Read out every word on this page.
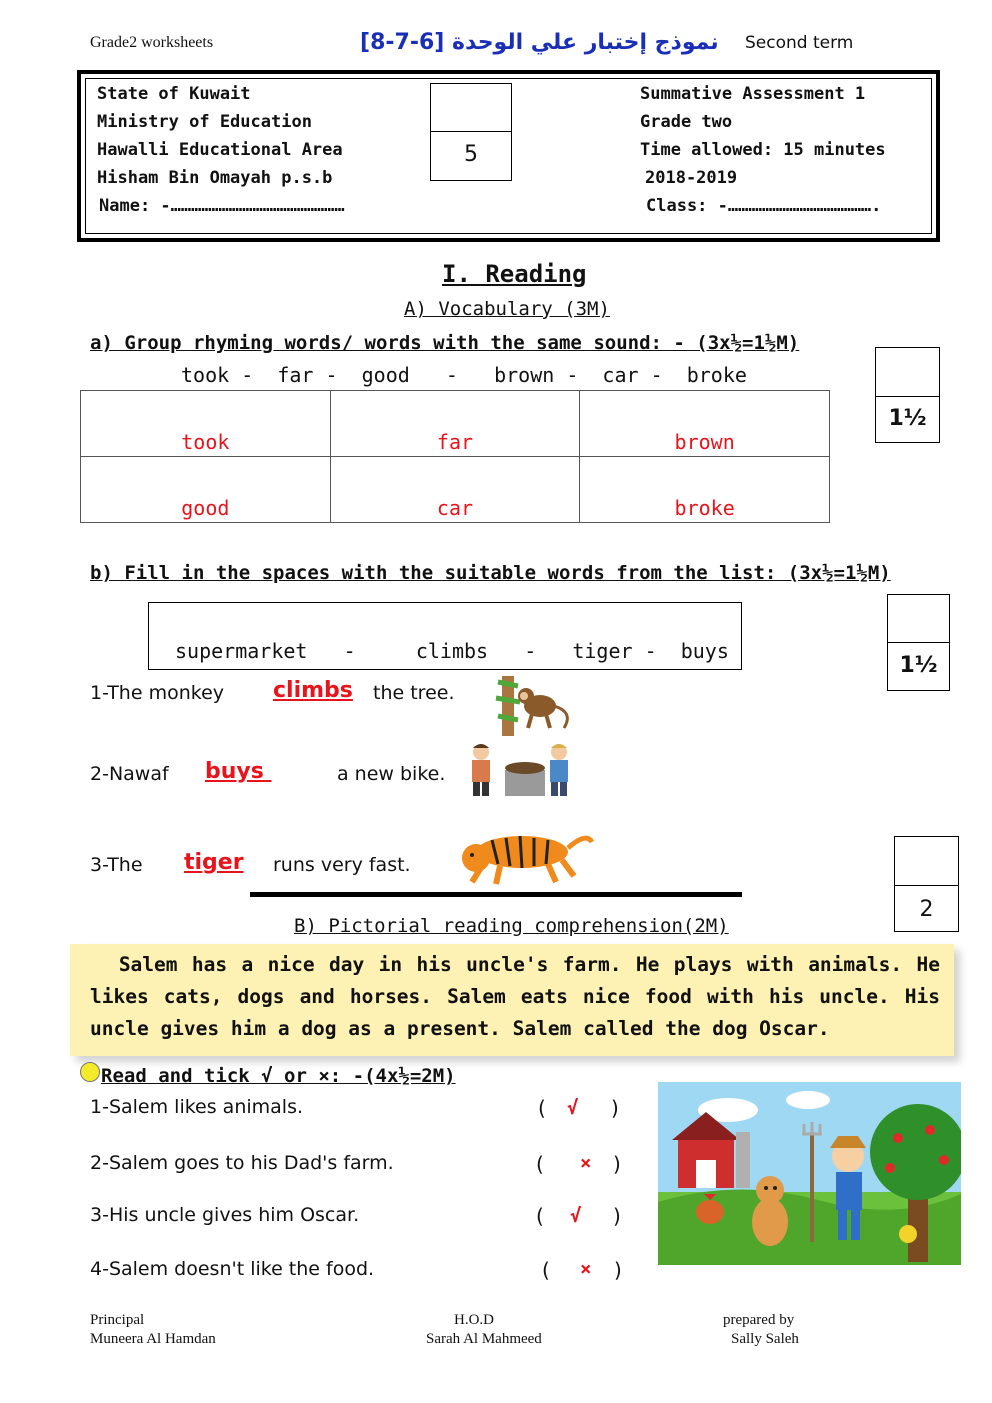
Grade2 worksheets	نموذج إختبار علي الوحدة [6-7-8] Second term
State of Kuwait
Ministry of Education
Hawalli Educational Area
Hisham Bin Omayah p.s.b
Name: -……………………………………………
Summative Assessment 1
Grade two
Time allowed: 15 minutes
2018-2019
Class: -…………………………………….
5
I. Reading
A) Vocabulary (3M)
a) Group rhyming words/ words with the same sound: - (3x½=1½M)
took -  far -  good   -   brown -  car -  broke
1½
took	far	brown
good	car	broke
b) Fill in the spaces with the suitable words from the list: (3x½=1½M)
supermarket   -     climbs   -   tiger -  buys
1½
1-The monkey climbs the tree.
2-Nawaf buys	a new bike.
3-The tiger runs very fast.
2
B) Pictorial reading comprehension(2M)

Salem has a nice day in his uncle's farm. He plays with animals. He likes cats, dogs and horses. Salem eats nice food with his uncle. His uncle gives him a dog as a present. Salem called the dog Oscar.

Read and tick √ or ×: -(4x½=2M)
1-Salem likes animals.	( √ )
2-Salem goes to his Dad's farm.	( × )
3-His uncle gives him Oscar.	( √ )
4-Salem doesn't like the food.	( × )
Principal
Muneera Al Hamdan
H.O.D
Sarah Al Mahmeed
prepared by
Sally Saleh
